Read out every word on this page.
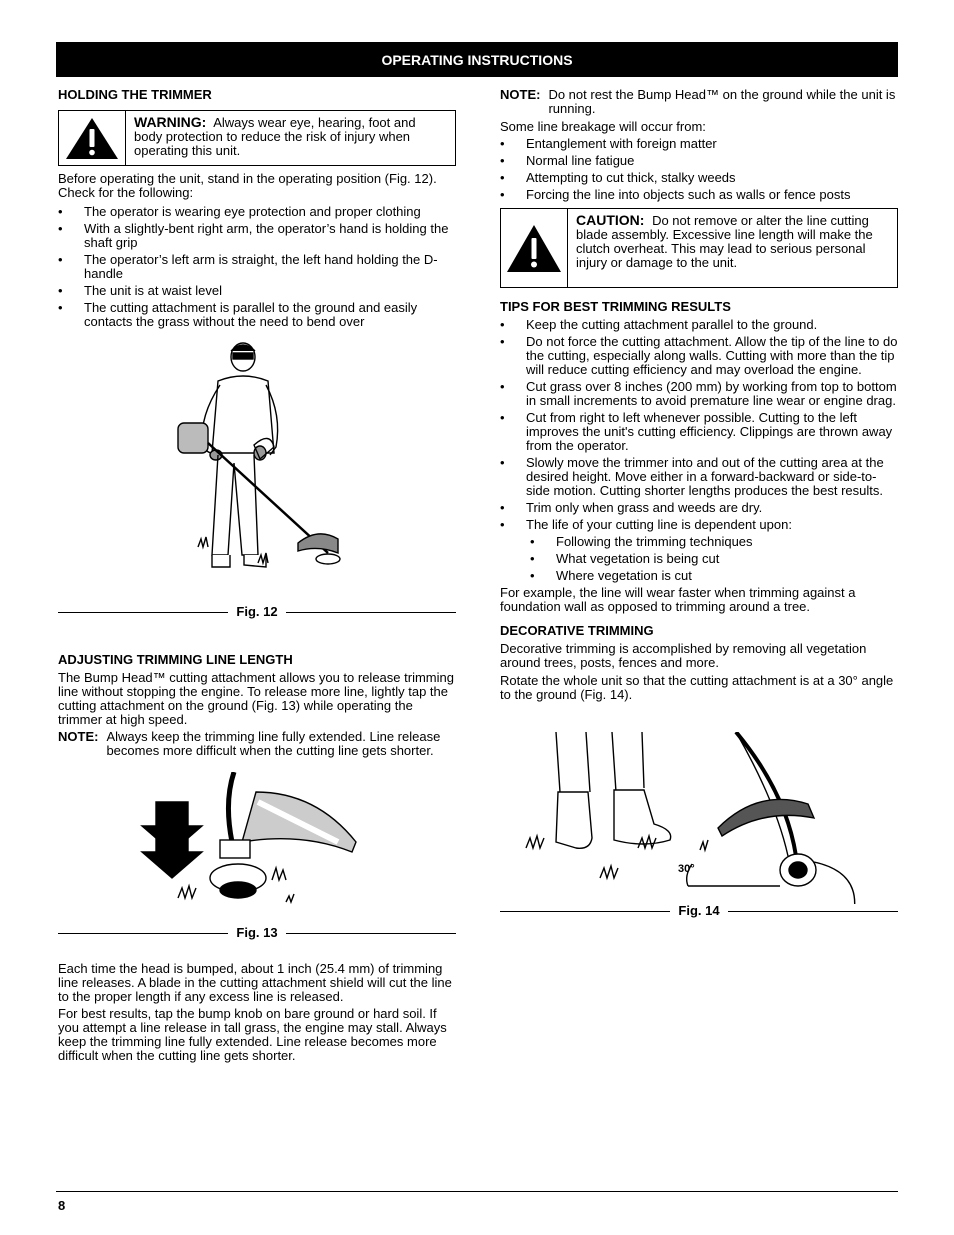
OPERATING INSTRUCTIONS
HOLDING THE TRIMMER
WARNING: Always wear eye, hearing, foot and body protection to reduce the risk of injury when operating this unit.

Before operating the unit, stand in the operating position (Fig. 12). Check for the following:

• The operator is wearing eye protection and proper clothing
• With a slightly-bent right arm, the operator’s hand is holding the shaft grip
• The operator’s left arm is straight, the left hand holding the D-handle
• The unit is at waist level
• The cutting attachment is parallel to the ground and easily contacts the grass without the need to bend over
Fig. 12
ADJUSTING TRIMMING LINE LENGTH

The Bump Head™ cutting attachment allows you to release trimming line without stopping the engine. To release more line, lightly tap the cutting attachment on the ground (Fig. 13) while operating the trimmer at high speed.

NOTE: Always keep the trimming line fully extended. Line release becomes more difficult when the cutting line gets shorter.
Fig. 13

Each time the head is bumped, about 1 inch (25.4 mm) of trimming line releases. A blade in the cutting attachment shield will cut the line to the proper length if any excess line is released.

For best results, tap the bump knob on bare ground or hard soil. If you attempt a line release in tall grass, the engine may stall. Always keep the trimming line fully extended. Line release becomes more difficult when the cutting line gets shorter.

NOTE: Do not rest the Bump Head™ on the ground while the unit is running.

Some line breakage will occur from:

• Entanglement with foreign matter
• Normal line fatigue
• Attempting to cut thick, stalky weeds
• Forcing the line into objects such as walls or fence posts
CAUTION: Do not remove or alter the line cutting blade assembly. Excessive line length will make the clutch overheat. This may lead to serious personal injury or damage to the unit.
TIPS FOR BEST TRIMMING RESULTS
• Keep the cutting attachment parallel to the ground.
• Do not force the cutting attachment. Allow the tip of the line to do the cutting, especially along walls. Cutting with more than the tip will reduce cutting efficiency and may overload the engine.
• Cut grass over 8 inches (200 mm) by working from top to bottom in small increments to avoid premature line wear or engine drag.
• Cut from right to left whenever possible. Cutting to the left improves the unit's cutting efficiency. Clippings are thrown away from the operator.
• Slowly move the trimmer into and out of the cutting area at the desired height. Move either in a forward-backward or side-to-side motion. Cutting shorter lengths produces the best results.
• Trim only when grass and weeds are dry.
• The life of your cutting line is dependent upon:
• Following the trimming techniques
• What vegetation is being cut
• Where vegetation is cut

For example, the line will wear faster when trimming against a foundation wall as opposed to trimming around a tree.

DECORATIVE TRIMMING

Decorative trimming is accomplished by removing all vegetation around trees, posts, fences and more.

Rotate the whole unit so that the cutting attachment is at a 30° angle to the ground (Fig. 14).

30°
Fig. 14
8
